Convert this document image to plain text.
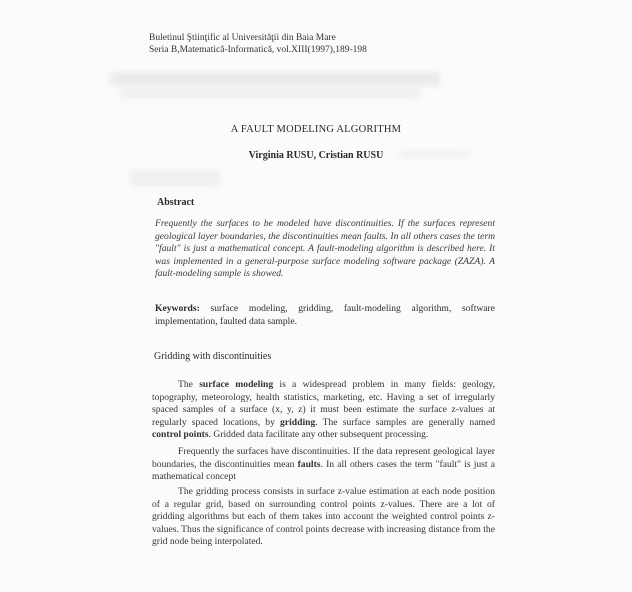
Buletinul Ştiinţific al Universităţii din Baia Mare
Seria B,Matematică-Informatică, vol.XIII(1997),189-198
A FAULT MODELING ALGORITHM
Virginia RUSU, Cristian RUSU
Abstract
Frequently the surfaces to be modeled have discontinuities. If the surfaces represent geological layer boundaries, the discontinuities mean faults. In all others cases the term "fault" is just a mathematical concept. A fault-modeling algorithm is described here. It was implemented in a general-purpose surface modeling software package (ZAZA). A fault-modeling sample is showed.
Keywords: surface modeling, gridding, fault-modeling algorithm, software implementation, faulted data sample.
Gridding with discontinuities
The surface modeling is a widespread problem in many fields: geology, topography, meteorology, health statistics, marketing, etc. Having a set of irregularly spaced samples of a surface (x, y, z) it must been estimate the surface z-values at regularly spaced locations, by gridding. The surface samples are generally named control points. Gridded data facilitate any other subsequent processing.
Frequently the surfaces have discontinuities. If the data represent geological layer boundaries, the discontinuities mean faults. In all others cases the term "fault" is just a mathematical concept
The gridding process consists in surface z-value estimation at each node position of a regular grid, based on surrounding control points z-values. There are a lot of gridding algorithms but each of them takes into account the weighted control points z-values. Thus the significance of control points decrease with increasing distance from the grid node being interpolated.
